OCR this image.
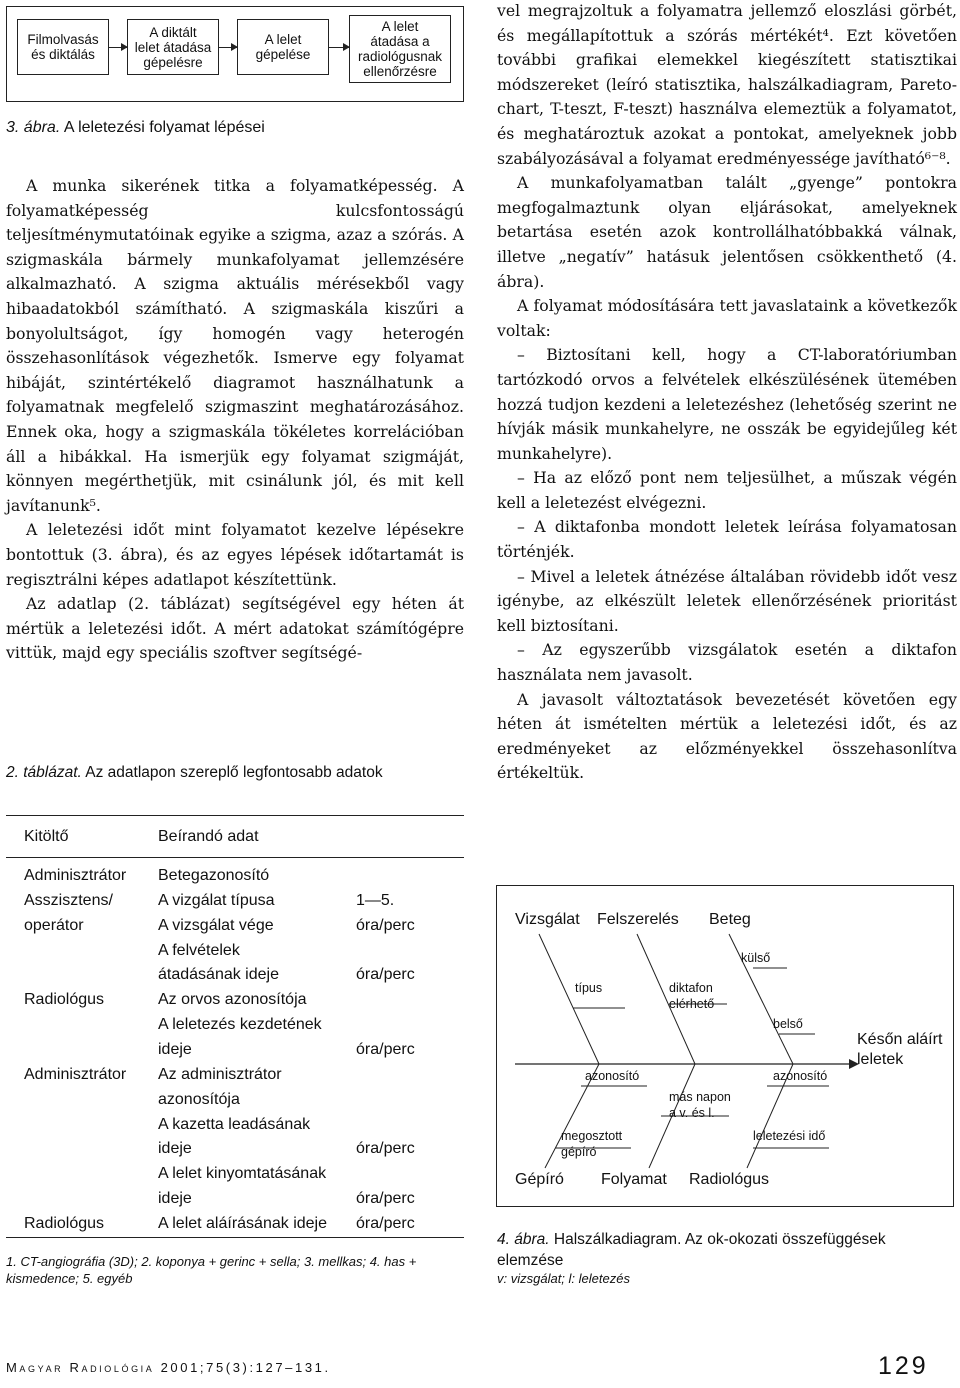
Filmolvasás
és diktálás
A diktált
lelet átadása
gépelésre
A lelet
gépelése
A lelet
átadása a
radiológusnak
ellenőrzésre
3. ábra. A leletezési folyamat lépései

A munka sikerének titka a folyamatképesség. A folyamatképesség kulcsfontosságú teljesítménymutatóinak egyike a szigma, azaz a szórás. A szigmaskála bármely munkafolyamat jellemzésére alkalmazható. A szigma aktuális mérésekből vagy hibaadatokból számítható. A szigmaskála kiszűri a bonyolultságot, így homogén vagy heterogén összehasonlítások végezhetők. Ismerve egy folyamat hibáját, szintértékelő diagramot használhatunk a folyamatnak megfelelő szigmaszint meghatározásához. Ennek oka, hogy a szigmaskála tökéletes korrelációban áll a hibákkal. Ha ismerjük egy folyamat szigmáját, könnyen megérthetjük, mit csinálunk jól, és mit kell javítanunk⁵.

A leletezési időt mint folyamatot kezelve lépésekre bontottuk (3. ábra), és az egyes lépések időtartamát is regisztrálni képes adatlapot készítettünk.

Az adatlap (2. táblázat) segítségével egy héten át mértük a leletezési időt. A mért adatokat számítógépre vittük, majd egy speciális szoftver segítségé-

2. táblázat. Az adatlapon szereplő legfontosabb adatok
Kitöltő	Beírandó adat
Adminisztrátor Betegazonosító
Asszisztens/	A vizgálat típusa	1—5.
operátor	A vizsgálat vége	óra/perc
A felvételek
átadásának ideje	óra/perc
Radiológus	Az orvos azonosítója
A leletezés kezdetének
ideje	óra/perc
Adminisztrátor Az adminisztrátor
azonosítója
A kazetta leadásának
ideje	óra/perc
A lelet kinyomtatásának
ideje	óra/perc
Radiológus	A lelet aláírásának ideje óra/perc
1. CT-angiográfia (3D); 2. koponya + gerinc + sella; 3. mellkas; 4. has + kismedence; 5. egyéb

vel megrajzoltuk a folyamatra jellemző eloszlási görbét, és megállapítottuk a szórás mértékét⁴. Ezt követően további grafikai elemekkel kiegészített statisztikai módszereket (leíró statisztika, halszálkadiagram, Pareto-chart, T-teszt, F-teszt) használva elemeztük a folyamatot, és meghatároztuk azokat a pontokat, amelyeknek jobb szabályozásával a folyamat eredményessége javítható⁶⁻⁸.

A munkafolyamatban talált „gyenge” pontokra megfogalmaztunk olyan eljárásokat, amelyeknek betartása esetén azok kontrollálhatóbbakká válnak, illetve „negatív” hatásuk jelentősen csökkenthető (4. ábra).

A folyamat módosítására tett javaslataink a következők voltak:

– Biztosítani kell, hogy a CT-laboratóriumban tartózkodó orvos a felvételek elkészülésének ütemében hozzá tudjon kezdeni a leletezéshez (lehetőség szerint ne hívják másik munkahelyre, ne osszák be egyidejűleg két munkahelyre).

– Ha az előző pont nem teljesülhet, a műszak végén kell a leletezést elvégezni.

– A diktafonba mondott leletek leírása folyamatosan történjék.

– Mivel a leletek átnézése általában rövidebb időt vesz igénybe, az elkészült leletek ellenőrzésének prioritást kell biztosítani.

– Az egyszerűbb vizsgálatok esetén a diktafon használata nem javasolt.

A javasolt változtatások bevezetését követően egy héten át ismételten mértük a leletezési időt, és az eredményeket az előzményekkel összehasonlítva értékeltük.

Vizsgálat Felszerelés Beteg
Gépíró Folyamat Radiológus
Későn aláírt
leletek
típus	diktafon
elérhető
külső
belső
azonosító	azonosító
más napon
a v. és l.
megosztott
gépíró
leletezési idő
4. ábra. Halszálkadiagram. Az ok-okozati összefüggések elemzése
v: vizsgálat; l: leletezés
Magyar Radiológia 2001;75(3):127–131.	129
